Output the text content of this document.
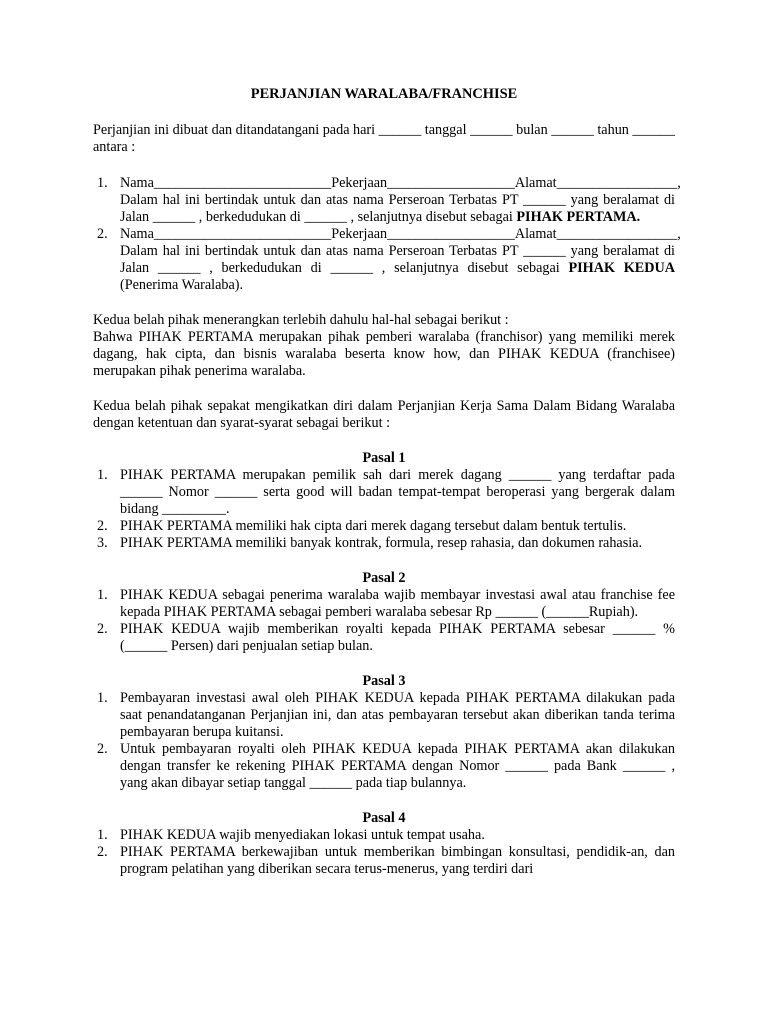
PERJANJIAN WARALABA/FRANCHISE

Perjanjian ini dibuat dan ditandatangani pada hari ______ tanggal ______ bulan ______ tahun ______ antara :

1. Nama_________________________Pekerjaan__________________Alamat_________________,
Dalam hal ini bertindak untuk dan atas nama Perseroan Terbatas PT ______ yang beralamat di Jalan ______ , berkedudukan di ______ , selanjutnya disebut sebagai PIHAK PERTAMA.
2. Nama_________________________Pekerjaan__________________Alamat_________________,
Dalam hal ini bertindak untuk dan atas nama Perseroan Terbatas PT ______ yang beralamat di Jalan ______ , berkedudukan di ______ , selanjutnya disebut sebagai PIHAK KEDUA (Penerima Waralaba).

Kedua belah pihak menerangkan terlebih dahulu hal-hal sebagai berikut :

Bahwa PIHAK PERTAMA merupakan pihak pemberi waralaba (franchisor) yang memiliki merek dagang, hak cipta, dan bisnis waralaba beserta know how, dan PIHAK KEDUA (franchisee) merupakan pihak penerima waralaba.

Kedua belah pihak sepakat mengikatkan diri dalam Perjanjian Kerja Sama Dalam Bidang Waralaba dengan ketentuan dan syarat-syarat sebagai berikut :

Pasal 1
1. PIHAK PERTAMA merupakan pemilik sah dari merek dagang ______ yang terdaftar pada ______ Nomor ______ serta good will badan tempat-tempat beroperasi yang bergerak dalam bidang _________.
2. PIHAK PERTAMA memiliki hak cipta dari merek dagang tersebut dalam bentuk tertulis.
3. PIHAK PERTAMA memiliki banyak kontrak, formula, resep rahasia, dan dokumen rahasia.
Pasal 2
1. PIHAK KEDUA sebagai penerima waralaba wajib membayar investasi awal atau franchise fee kepada PIHAK PERTAMA sebagai pemberi waralaba sebesar Rp ______ (______Rupiah).
2. PIHAK KEDUA wajib memberikan royalti kepada PIHAK PERTAMA sebesar ______ % (______ Persen) dari penjualan setiap bulan.
Pasal 3
1. Pembayaran investasi awal oleh PIHAK KEDUA kepada PIHAK PERTAMA dilakukan pada saat penandatanganan Perjanjian ini, dan atas pembayaran tersebut akan diberikan tanda terima pembayaran berupa kuitansi.
2. Untuk pembayaran royalti oleh PIHAK KEDUA kepada PIHAK PERTAMA akan dilakukan dengan transfer ke rekening PIHAK PERTAMA dengan Nomor ______ pada Bank ______ , yang akan dibayar setiap tanggal ______ pada tiap bulannya.
Pasal 4
1. PIHAK KEDUA wajib menyediakan lokasi untuk tempat usaha.
2. PIHAK PERTAMA berkewajiban untuk memberikan bimbingan konsultasi, pendidik-an, dan program pelatihan yang diberikan secara terus-menerus, yang terdiri dari
